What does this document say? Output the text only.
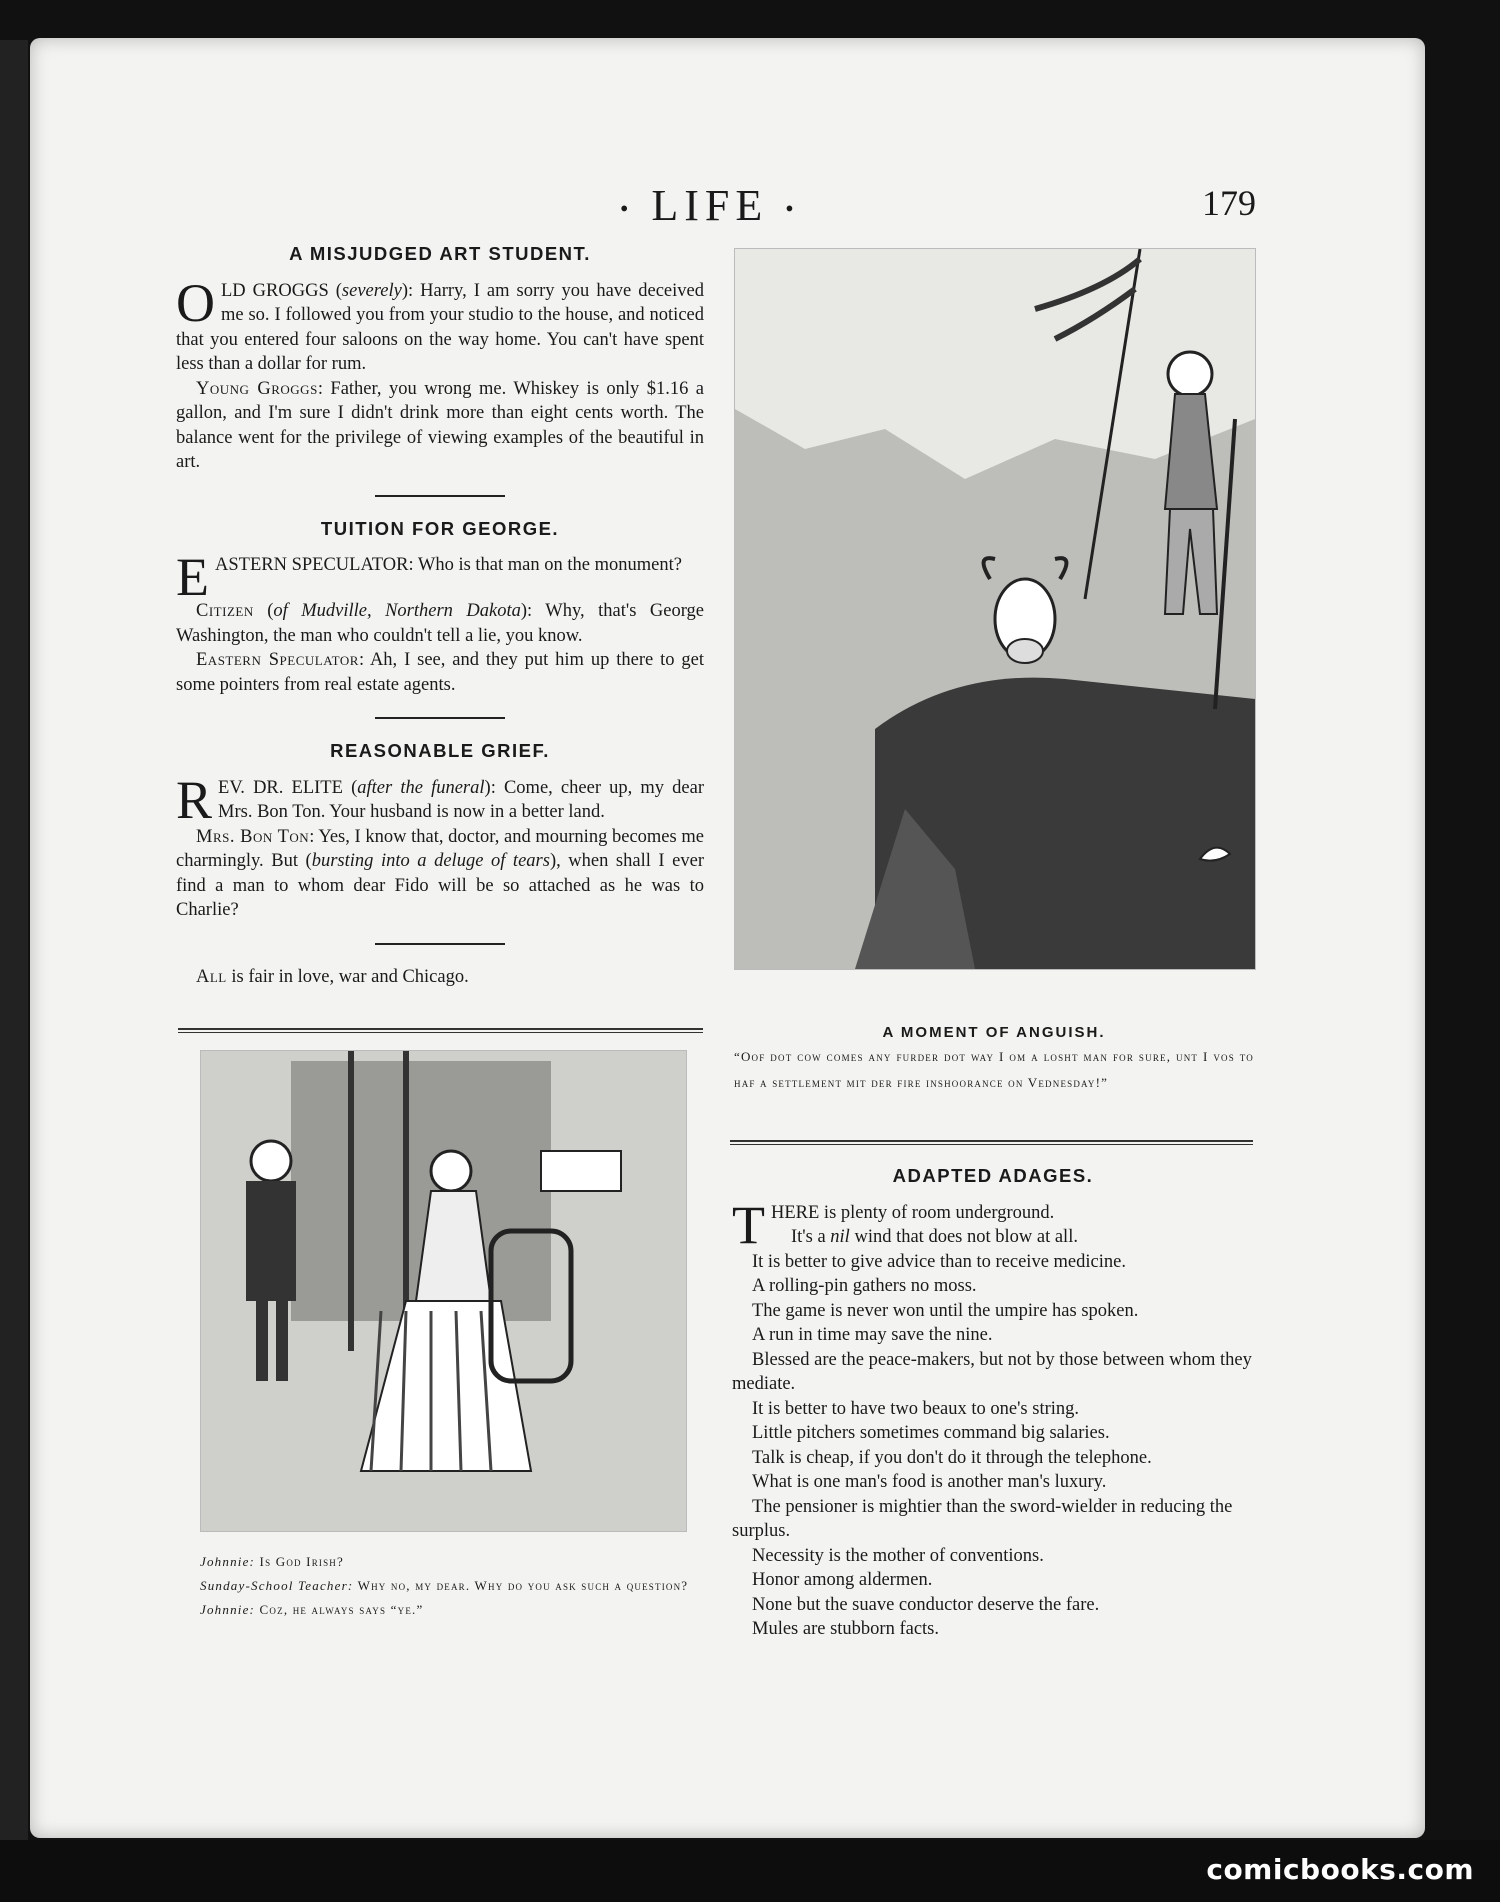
• LIFE •	179
A MISJUDGED ART STUDENT.

OLD GROGGS (severely): Harry, I am sorry you have deceived me so. I followed you from your studio to the house, and noticed that you entered four saloons on the way home. You can't have spent less than a dollar for rum.

Young Groggs: Father, you wrong me. Whiskey is only $1.16 a gallon, and I'm sure I didn't drink more than eight cents worth. The balance went for the privilege of viewing examples of the beautiful in art.

TUITION FOR GEORGE.

EASTERN SPECULATOR: Who is that man on the monument?

Citizen (of Mudville, Northern Dakota): Why, that's George Washington, the man who couldn't tell a lie, you know.

Eastern Speculator: Ah, I see, and they put him up there to get some pointers from real estate agents.

REASONABLE GRIEF.

REV. DR. ELITE (after the funeral): Come, cheer up, my dear Mrs. Bon Ton. Your husband is now in a better land.

Mrs. Bon Ton: Yes, I know that, doctor, and mourning becomes me charmingly. But (bursting into a deluge of tears), when shall I ever find a man to whom dear Fido will be so attached as he was to Charlie?

All is fair in love, war and Chicago.

A MOMENT OF ANGUISH.
“Oof dot cow comes any furder dot way I om a losht man for sure, unt I vos to haf a settlement mit der fire inshoorance on Vednesday!”
Johnnie: Is God Irish?
Sunday-School Teacher: Why no, my dear. Why do you ask such a question?
Johnnie: Coz, he always says “ye.”
ADAPTED ADAGES.

THERE is plenty of room underground.

It's a nil wind that does not blow at all.

It is better to give advice than to receive medicine.

A rolling-pin gathers no moss.

The game is never won until the umpire has spoken.

A run in time may save the nine.

Blessed are the peace-makers, but not by those between whom they mediate.

It is better to have two beaux to one's string.

Little pitchers sometimes command big salaries.

Talk is cheap, if you don't do it through the telephone.

What is one man's food is another man's luxury.

The pensioner is mightier than the sword-wielder in reducing the surplus.

Necessity is the mother of conventions.

Honor among aldermen.

None but the suave conductor deserve the fare.

Mules are stubborn facts.

comicbooks.com
